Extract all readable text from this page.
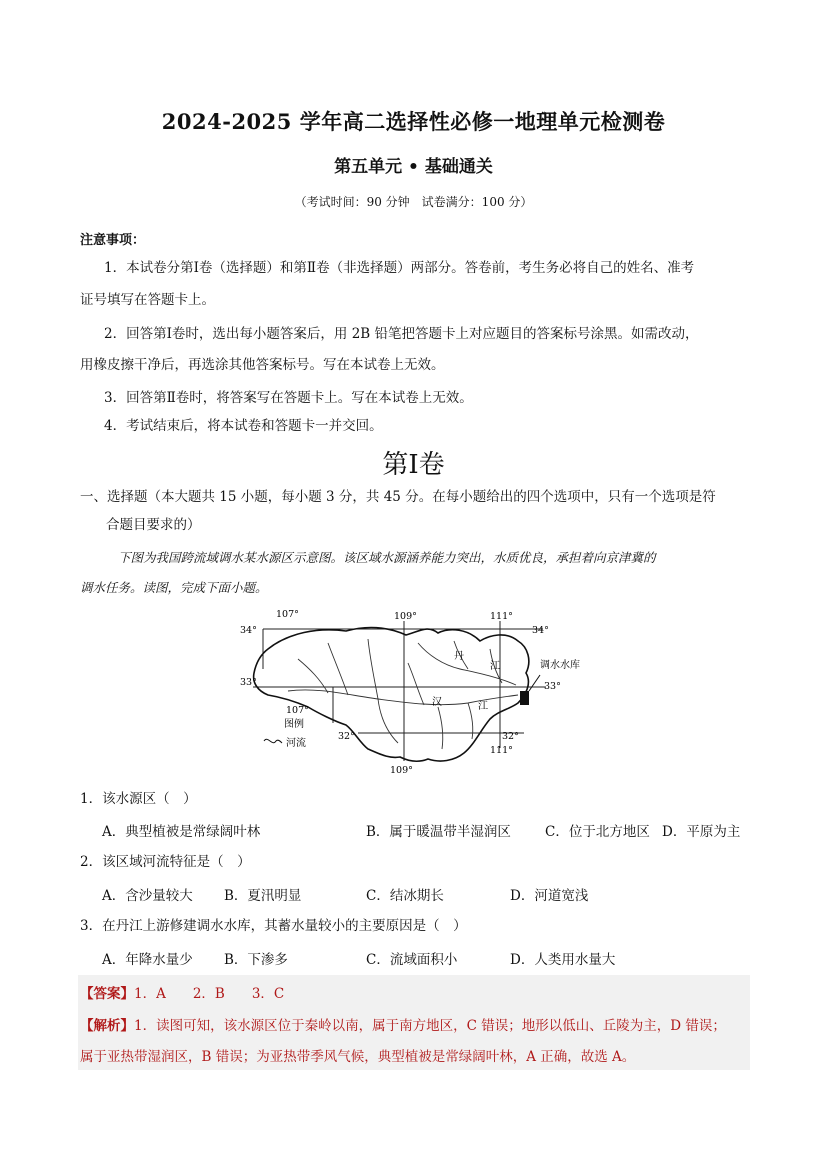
2024-2025 学年高二选择性必修一地理单元检测卷
第五单元 • 基础通关
（考试时间：90 分钟　试卷满分：100 分）
注意事项：
1．本试卷分第Ⅰ卷（选择题）和第Ⅱ卷（非选择题）两部分。答卷前，考生务必将自己的姓名、准考
证号填写在答题卡上。
2．回答第Ⅰ卷时，选出每小题答案后，用 2B 铅笔把答题卡上对应题目的答案标号涂黑。如需改动，
用橡皮擦干净后，再选涂其他答案标号。写在本试卷上无效。
3．回答第Ⅱ卷时，将答案写在答题卡上。写在本试卷上无效。
4．考试结束后，将本试卷和答题卡一并交回。
第Ⅰ卷
一、选择题（本大题共 15 小题，每小题 3 分，共 45 分。在每小题给出的四个选项中，只有一个选项是符
合题目要求的）
下图为我国跨流域调水某水源区示意图。该区域水源涵养能力突出，水质优良，承担着向京津冀的
调水任务。读图，完成下面小题。
调水水库
107°	109°	111°
34°	34°
33°	33°
107°
32°	32°
111°
109°
丹
江
汉	江
图例
河流
1．该水源区（　）
A．典型植被是常绿阔叶林	B．属于暖温带半湿润区	C．位于北方地区 D．平原为主
2．该区域河流特征是（　）
A．含沙量较大 B．夏汛明显	C．结冰期长	D．河道宽浅
3．在丹江上游修建调水水库，其蓄水量较小的主要原因是（　）
A．年降水量少 B．下渗多	C．流域面积小	D．人类用水量大
【答案】1．A　　2．B　　3．C
【解析】1．读图可知，该水源区位于秦岭以南，属于南方地区，C 错误；地形以低山、丘陵为主，D 错误；
属于亚热带湿润区，B 错误；为亚热带季风气候，典型植被是常绿阔叶林，A 正确，故选 A。
